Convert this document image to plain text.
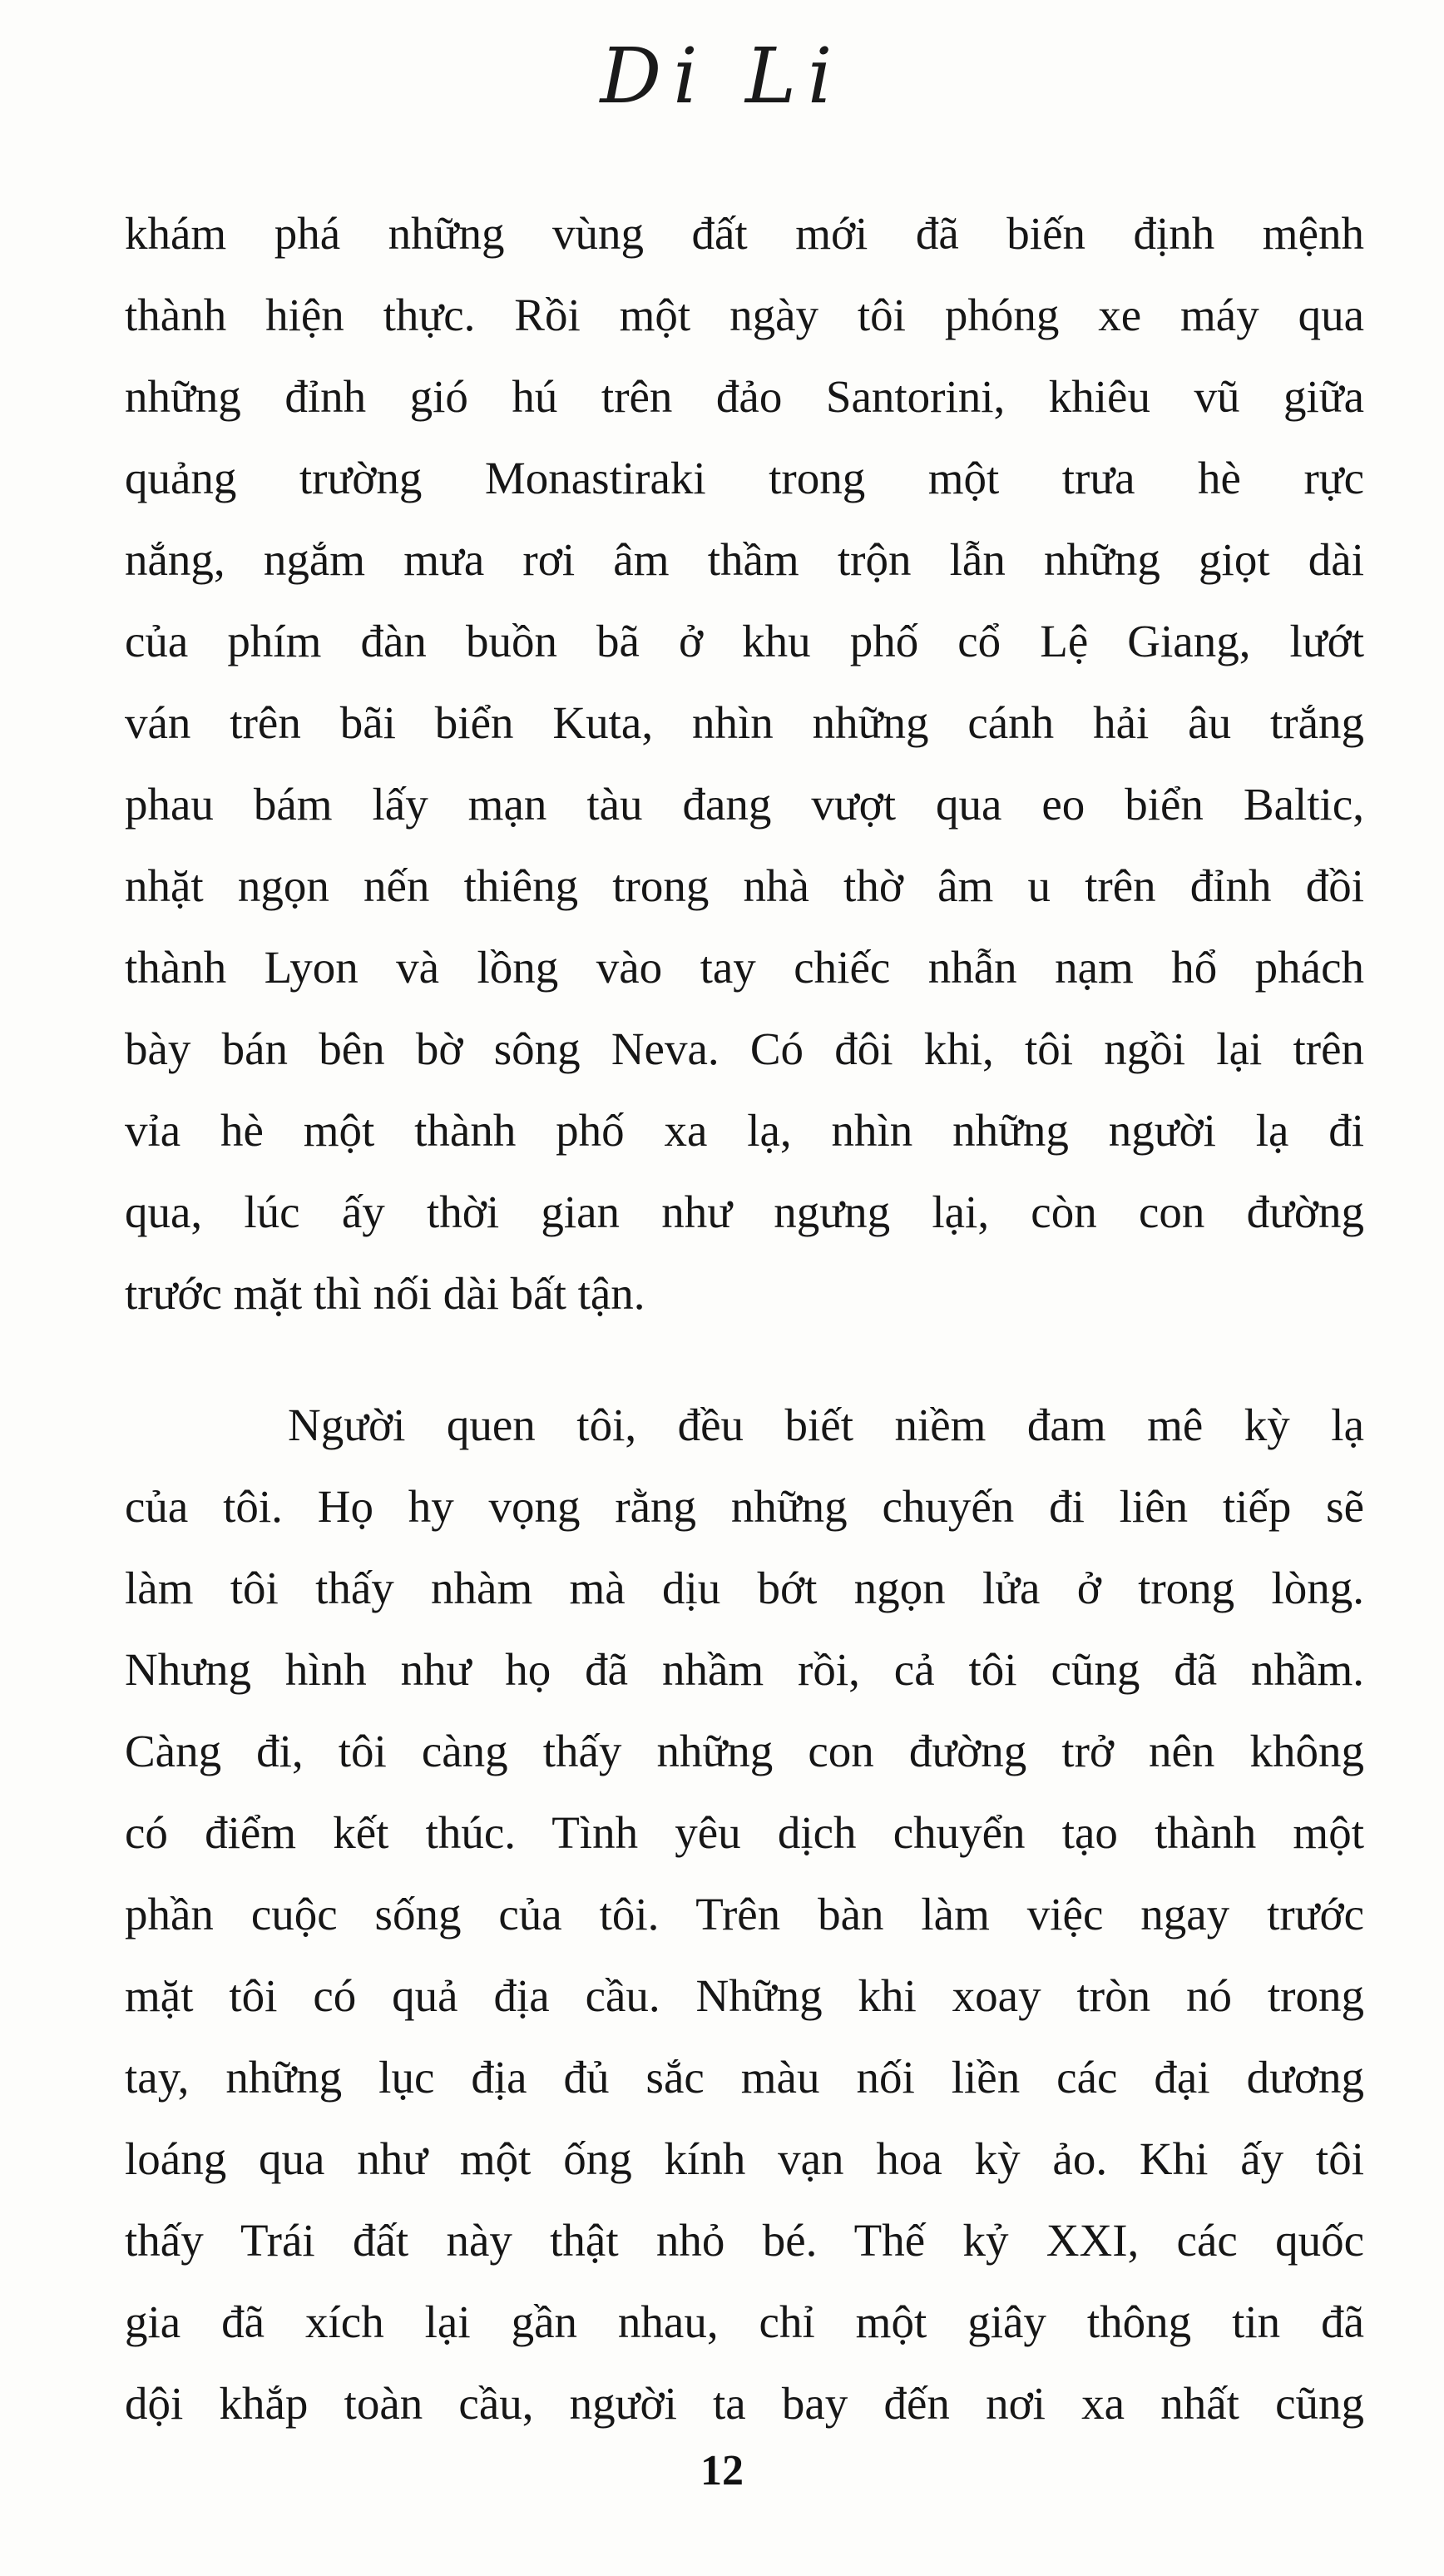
Di Li
khám phá những vùng đất mới đã biến định mệnh
thành hiện thực. Rồi một ngày tôi phóng xe máy qua
những đỉnh gió hú trên đảo Santorini, khiêu vũ giữa
quảng trường Monastiraki trong một trưa hè rực
nắng, ngắm mưa rơi âm thầm trộn lẫn những giọt dài
của phím đàn buồn bã ở khu phố cổ Lệ Giang, lướt
ván trên bãi biển Kuta, nhìn những cánh hải âu trắng
phau bám lấy mạn tàu đang vượt qua eo biển Baltic,
nhặt ngọn nến thiêng trong nhà thờ âm u trên đỉnh đồi
thành Lyon và lồng vào tay chiếc nhẫn nạm hổ phách
bày bán bên bờ sông Neva. Có đôi khi, tôi ngồi lại trên
vỉa hè một thành phố xa lạ, nhìn những người lạ đi
qua, lúc ấy thời gian như ngưng lại, còn con đường
trước mặt thì nối dài bất tận.
Người quen tôi, đều biết niềm đam mê kỳ lạ
của tôi. Họ hy vọng rằng những chuyến đi liên tiếp sẽ
làm tôi thấy nhàm mà dịu bớt ngọn lửa ở trong lòng.
Nhưng hình như họ đã nhầm rồi, cả tôi cũng đã nhầm.
Càng đi, tôi càng thấy những con đường trở nên không
có điểm kết thúc. Tình yêu dịch chuyển tạo thành một
phần cuộc sống của tôi. Trên bàn làm việc ngay trước
mặt tôi có quả địa cầu. Những khi xoay tròn nó trong
tay, những lục địa đủ sắc màu nối liền các đại dương
loáng qua như một ống kính vạn hoa kỳ ảo. Khi ấy tôi
thấy Trái đất này thật nhỏ bé. Thế kỷ XXI, các quốc
gia đã xích lại gần nhau, chỉ một giây thông tin đã
dội khắp toàn cầu, người ta bay đến nơi xa nhất cũng
12
